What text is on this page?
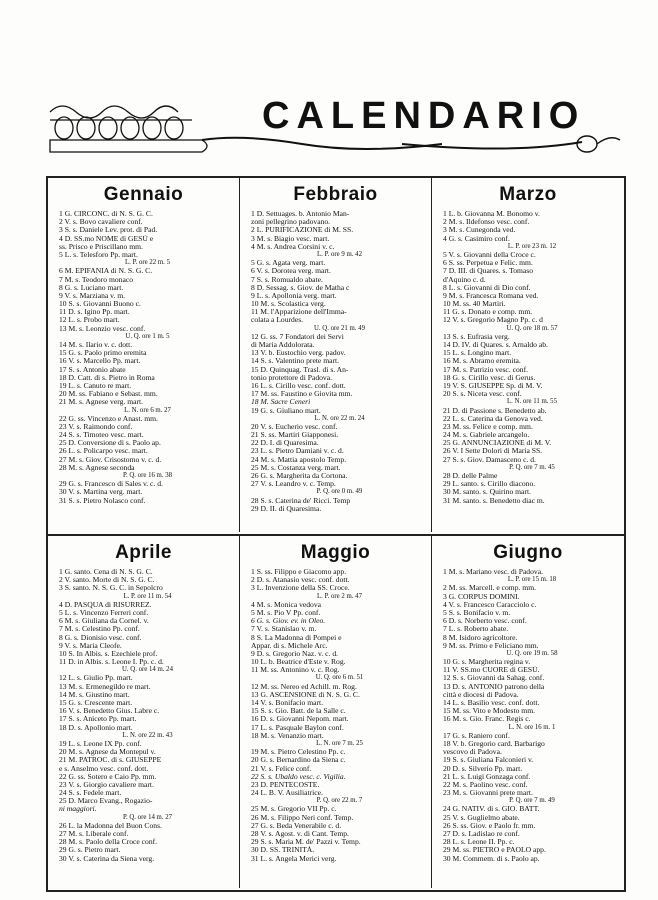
CALENDARIO
Gennaio
✚ 1 G. CIRCONC. di N. S. G. C.
2 V. s. Bovo cavaliere conf.
✚ 3 S. s. Daniele Lev. prot. di Pad.
✚ 4 D. SS.mo NOME di GESÙ e
ss. Prisco e Priscillano mm.
5 L. s. Telesforo Pp. mart.
L. P. ore 22 m. 5
✚ 6 M. EPIFANIA di N. S. G. C.
7 M. s. Teodoro monaco
8 G. s. Luciano mart.
9 V. s. Marziana v. m.
10 S. s. Giovanni Buono c.
✚ 11 D. s. Igino Pp. mart.
12 L. s. Probo mart.
13 M. s. Leonzio vesc. conf.
U. Q. ore 1 m. 5
14 M. s. Ilario v. c. dott.
15 G. s. Paolo primo eremita
16 V. s. Marcello Pp. mart.
17 S. s. Antonio abate
✚ 18 D. Catt. di s. Pietro in Roma
19 L. s. Canuto re mart.
20 M. ss. Fabiano e Sebast. mm.
21 M. s. Agnese verg. mart.
L. N. ore 6 m. 27
22 G. ss. Vincenzo e Anast. mm.
23 V. s. Raimondo conf.
24 S. s. Timoteo vesc. mart.
✚ 25 D. Conversione di s. Paolo ap.
26 L. s. Policarpo vesc. mart.
27 M. s. Giov. Crisostomo v. c. d.
28 M. s. Agnese seconda
P. Q. ore 16 m. 38
29 G. s. Francesco di Sales v. c. d.
30 V. s. Martina verg. mart.
31 S. s. Pietro Nolasco conf.
Febbraio
✚ 1 D. Settuages. b. Antonio Man-
zoni pellegrino padovano.
2 L. PURIFICAZIONE di M. SS.
3 M. s. Biagio vesc. mart.
4 M. s. Andrea Corsini v. c.
L. P. ore 9 m. 42
5 G. s. Agata verg. mart.
6 V. s. Dorotea verg. mart.
7 S. s. Romualdo abate.
✚ 8 D. Sessag. s. Giov. de Matha c
9 L. s. Apollonia verg. mart.
10 M. s. Scolastica verg.
11 M. l'Apparizione dell'Imma-
colata a Lourdes.
U. Q. ore 21 m. 49
12 G. ss. 7 Fondatori dei Servi
di Maria Addolorata.
13 V. b. Eustochio verg. padov.
14 S. s. Valentino prete mart.
✚ 15 D. Quinquag. Trasl. di s. An-
tonio protettore di Padova.
16 L. s. Cirillo vesc. conf. dott.
17 M. ss. Faustino e Giovita mm.
18 M. Sacre Ceneri
19 G. s. Giuliano mart.
L. N. ore 22 m. 24
20 V. s. Eucherio vesc. conf.
21 S. ss. Martiri Giapponesi.
✚ 22 D. I. di Quaresima.
23 L. s. Pietro Damiani v. c. d.
24 M. s. Mattia apostolo Temp.
25 M. s. Costanza verg. mart.
26 G. s. Margherita da Cortona.
27 V. s. Leandro v. c. Temp.
P. Q. ore 0 m. 49
28 S. s. Caterina de' Ricci. Temp
✚ 29 D. II. di Quaresima.
Marzo
1 L. b. Giovanna M. Bonomo v.
2 M. s. Ildefonso vesc. conf.
3 M. s. Cunegonda ved.
4 G. s. Casimiro conf.
L. P. ore 23 m. 12
5 V. s. Giovanni della Croce c.
6 S. ss. Perpetua e Felic. mm.
✚ 7 D. III. di Quares. s. Tomaso
d'Aquino c. d.
8 L. s. Giovanni di Dio conf.
9 M. s. Francesca Romana ved.
10 M. ss. 40 Martiri.
11 G. s. Donato e comp. mm.
12 V. s. Gregorio Magno Pp. c. d
U. Q. ore 18 m. 57
13 S. s. Eufrasia verg.
✚ 14 D. IV. di Quares. s. Arnaldo ab.
15 L. s. Longino mart.
16 M. s. Abramo eremita.
17 M. s. Patrizio vesc. conf.
18 G. s. Cirillo vesc. di Gerus.
✚ 19 V. S. GIUSEPPE Sp. di M. V.
20 S. s. Niceta vesc. conf.
L. N. ore 11 m. 55
✚ 21 D. di Passione s. Benedetto ab.
22 L. s. Caterina da Genova ved.
23 M. ss. Felice e comp. mm.
24 M. s. Gabriele arcangelo.
✚ 25 G. ANNUNCIAZIONE di M. V.
26 V. I Sette Dolori di Maria SS.
27 S. s. Giov. Damasceno c. d.
P. Q. ore 7 m. 45
✚ 28 D. delle Palme
29 L. santo. s. Cirillo diacono.
30 M. santo. s. Quirino mart.
31 M. santo. s. Benedetto diac m.
Aprile
1 G. santo. Cena di N. S. G. C.
2 V. santo. Morte di N. S. G. C.
3 S. santo. N. S. G. C. in Sepolcro
L. P. ore 11 m. 54
✚ 4 D. PASQUA di RISURREZ.
5 L. s. Vincenzo Ferreri conf.
6 M. s. Giuliana da Cornel. v.
7 M. s. Celestino Pp. conf.
8 G. s. Dionisio vesc. conf.
9 V. s. Maria Cleofe.
10 S. In Albis. s. Ezechiele prof.
✚ 11 D. in Albis. s. Leone I. Pp. c. d.
U. Q. ore 14 m. 24
12 L. s. Giulio Pp. mart.
13 M. s. Ermenegildo re mart.
14 M. s. Giustino mart.
15 G. s. Crescente mart.
16 V. s. Benedetto Gius. Labre c.
17 S. s. Aniceto Pp. mart.
✚ 18 D. s. Apollonio mart.
L. N. ore 22 m. 43
19 L. s. Leone IX Pp. conf.
20 M. s. Agnese da Montepul v.
21 M. PATROC. di s. GIUSEPPE
e s. Anselmo vesc. conf. dott.
22 G. ss. Sotero e Caio Pp. mm.
23 V. s. Giorgio cavaliere mart.
24 S. s. Fedele mart.
✚ 25 D. Marco Evang., Rogazio-
ni maggiori.
P. Q. ore 14 m. 27
26 L. la Madonna del Buon Cons.
27 M. s. Liberale conf.
28 M. s. Paolo della Croce conf.
29 G. s. Pietro mart.
30 V. s. Caterina da Siena verg.
Maggio
1 S. ss. Filippo e Giacomo app.
✚ 2 D. s. Atanasio vesc. conf. dott.
3 L. Invenzione della SS. Croce.
L. P. ore 2 m. 47
4 M. s. Monica vedova
5 M. s. Pio V Pp. conf.
6 G. s. Giov. ev. in Oleo.
7 V. s. Stanislao v. m.
8 S. La Madonna di Pompei e
Appar. di s. Michele Arc.
✚ 9 D. s. Gregorio Naz. v. c. d.
10 L. b. Beatrice d'Este v. Rog.
11 M. ss. Antonino v. c. Rog.
U. Q. ore 6 m. 51
12 M. ss. Nereo ed Achill. m. Rog.
✚ 13 G. ASCENSIONE di N. S. G. C.
14 V. s. Bonifacio mart.
15 S. s. Gio. Batt. de la Salle c.
✚ 16 D. s. Giovanni Nepom. mart.
17 L. s. Pasquale Baylon conf.
18 M. s. Venanzio mart.
L. N. ore 7 m. 25
19 M. s. Pietro Celestino Pp. c.
20 G. s. Bernardino da Siena c.
21 V. s. Felice conf.
22 S. s. Ubaldo vesc. c. Vigilia.
✚ 23 D. PENTECOSTE.
24 L. B. V. Ausiliatrice.
P. Q. ore 22 m. 7
25 M. s. Gregorio VII Pp. c.
26 M. s. Filippo Neri conf. Temp.
27 G. s. Beda Venerabile c. d.
28 V. s. Agost. v. di Cant. Temp.
29 S. s. Maria M. de' Pazzi v. Temp.
✚ 30 D. SS. TRINITÀ.
31 L. s. Angela Merici verg.
Giugno
1 M. s. Mariano vesc. di Padova.
L. P. ore 15 m. 18
2 M. ss. Marcell. e comp. mm.
✚ 3 G. CORPUS DOMINI.
4 V. s. Francesco Caracciolo c.
5 S. s. Bonifacio v. m.
✚ 6 D. s. Norberto vesc. conf.
7 L. s. Roberto abate.
8 M. Isidoro agricoltore.
9 M. ss. Primo e Feliciano mm.
U. Q. ore 19 m. 58
10 G. s. Margherita regina v.
11 V. SS.mo CUORE di GESÙ.
12 S. s. Giovanni da Sahag. conf.
✚ 13 D. s. ANTONIO patrono della
città e diocesi di Padova.
14 L. s. Basilio vesc. conf. dott.
15 M. ss. Vito e Modesto mm.
16 M. s. Gio. Franc. Regis c.
L. N. ore 16 m. 1
17 G. s. Raniero conf.
18 V. b. Gregorio card. Barbarigo
vescovo di Padova.
19 S. s. Giuliana Falconieri v.
✚ 20 D. s. Silverio Pp. mart.
21 L. s. Luigi Gonzaga conf.
22 M. s. Paolino vesc. conf.
23 M. s. Giovanni prete mart.
P. Q. ore 7 m. 49
24 G. NATIV. di s. GIO. BATT.
25 V. s. Guglielmo abate.
26 S. ss. Giov. e Paolo fr. mm.
✚ 27 D. s. Ladislao re conf.
28 L. s. Leone II. Pp. c.
✚ 29 M. ss. PIETRO e PAOLO app.
30 M. Commem. di s. Paolo ap.
